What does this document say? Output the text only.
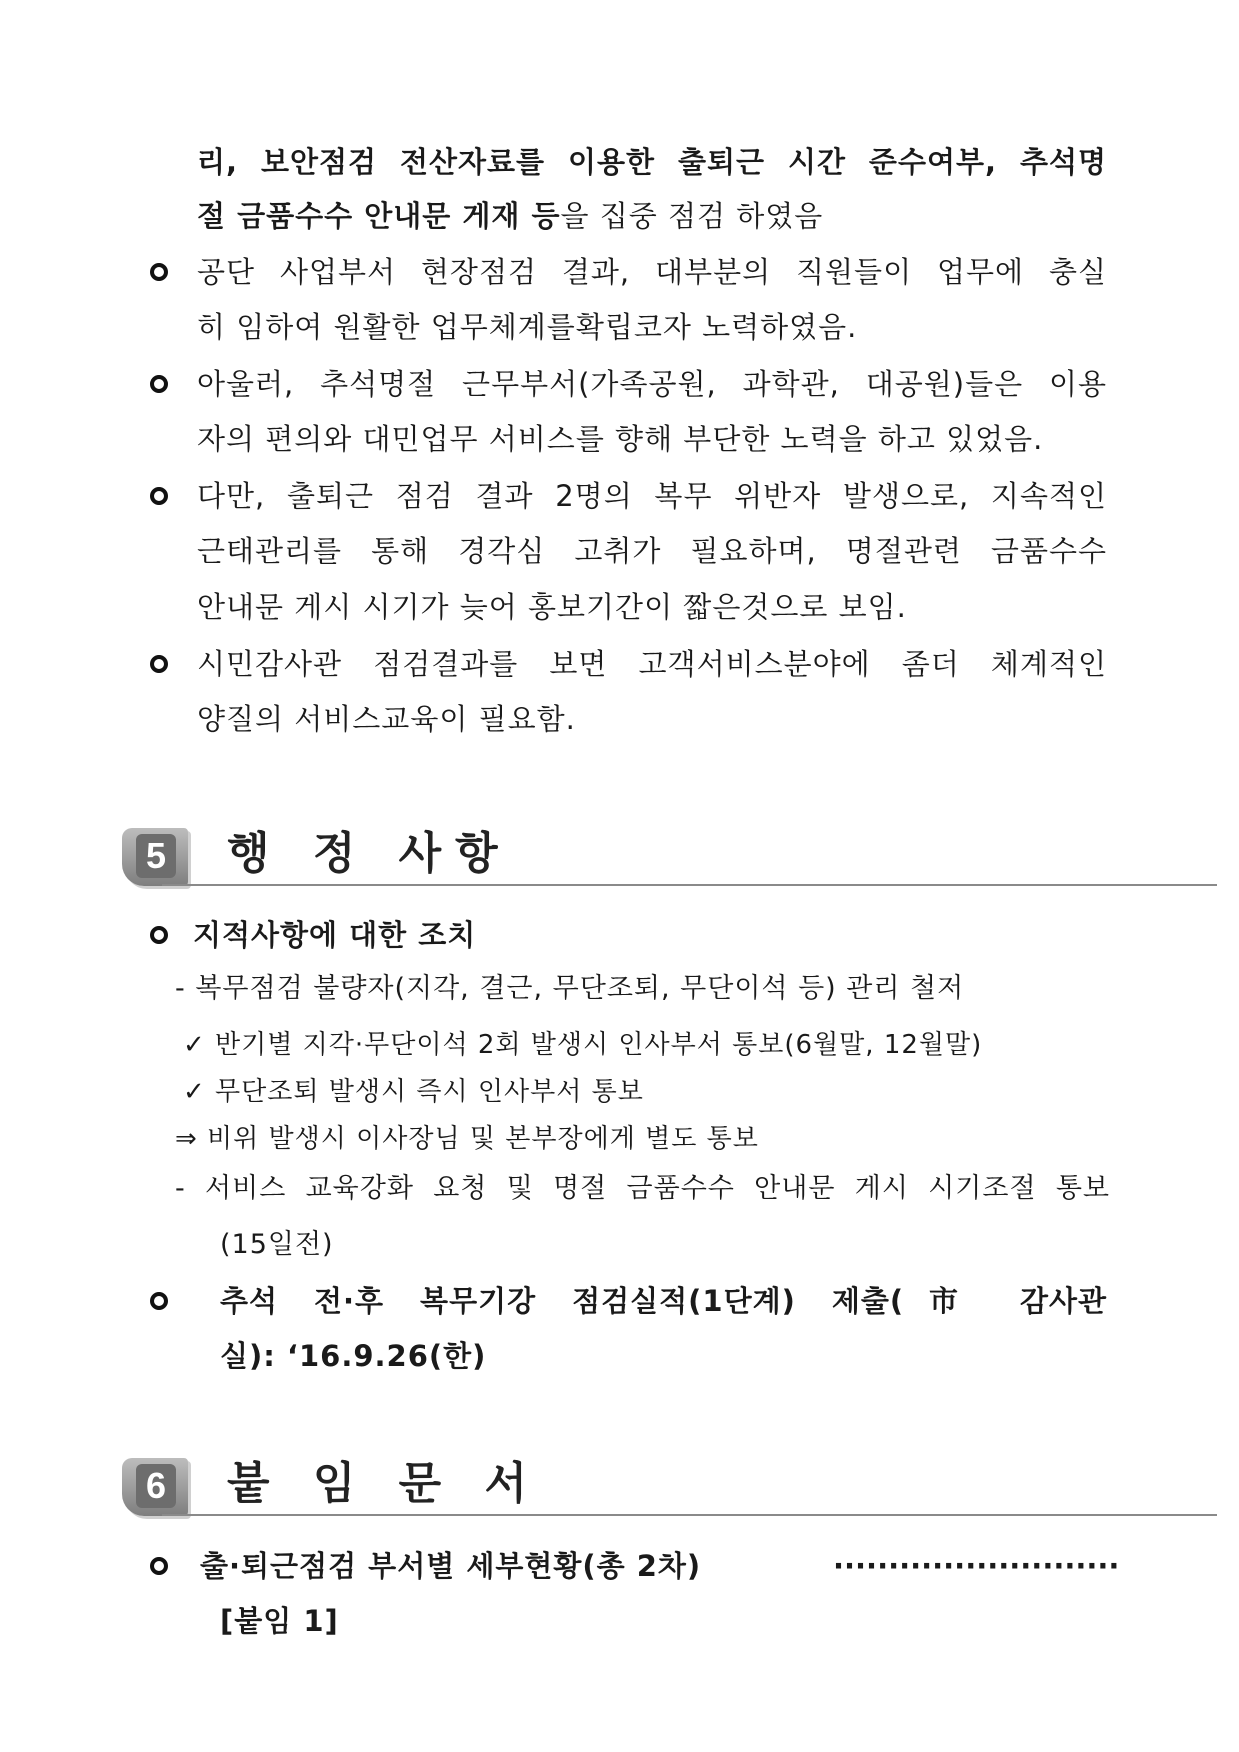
리, 보안점검 전산자료를 이용한 출퇴근 시간 준수여부, 추석명
절 금품수수 안내문 게재 등을 집중 점검 하였음
공단 사업부서 현장점검 결과, 대부분의 직원들이 업무에 충실
히 임하여 원활한 업무체계를확립코자 노력하였음.
아울러, 추석명절 근무부서(가족공원, 과학관, 대공원)들은 이용
자의 편의와 대민업무 서비스를 향해 부단한 노력을 하고 있었음.
다만, 출퇴근 점검 결과 2명의 복무 위반자 발생으로, 지속적인
근태관리를 통해 경각심 고취가 필요하며, 명절관련 금품수수
안내문 게시 시기가 늦어 홍보기간이 짧은것으로 보임.
시민감사관 점검결과를 보면 고객서비스분야에 좀더 체계적인
양질의 서비스교육이 필요함.
5 행 정 사항
지적사항에 대한 조치
- 복무점검 불량자(지각, 결근, 무단조퇴, 무단이석 등) 관리 철저
✓ 반기별 지각·무단이석 2회 발생시 인사부서 통보(6월말, 12월말)
✓ 무단조퇴 발생시 즉시 인사부서 통보
⇒ 비위 발생시 이사장님 및 본부장에게 별도 통보
- 서비스 교육강화 요청 및 명절 금품수수 안내문 게시 시기조절 통보
(15일전)
추석 전·후 복무기강 점검실적(1단계) 제출(市 감사관
실): ‘16.9.26(한)
6 붙 임 문 서
출·퇴근점검 부서별 세부현황(총 2차)	··························
[붙임 1]
